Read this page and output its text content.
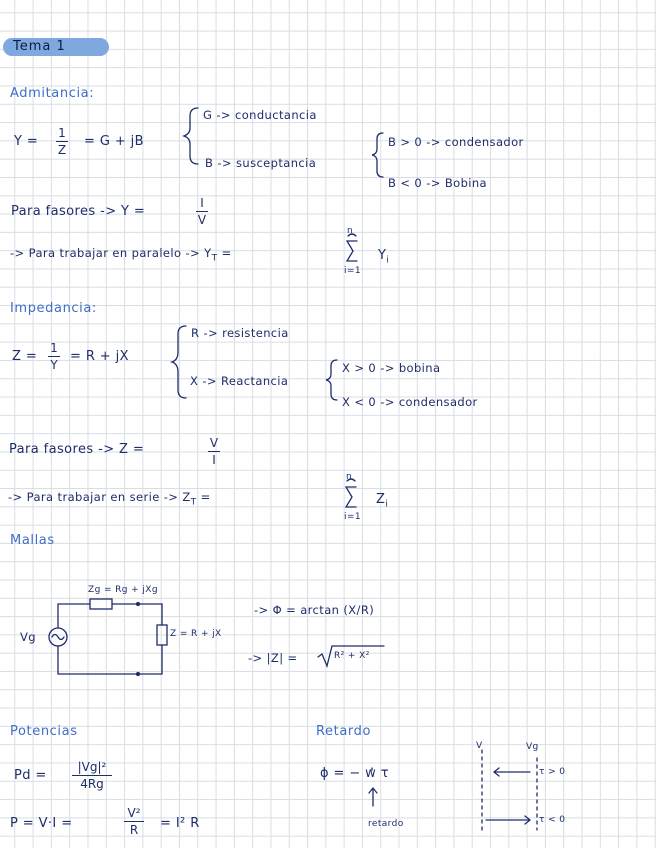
Tema 1
Admitancia:
Y =
1
Z
= G + jB
G -> conductancia
B -> susceptancia
B > 0 -> condensador
B < 0 -> Bobina
Para fasores -> Y =
I
V
-> Para trabajar en paralelo -> $Y_T$ =
n
i=1
$Y_i$
Impedancia:
Z =
1
Y
= R + jX
R -> resistencia
X -> Reactancia
X > 0 -> bobina
X < 0 -> condensador
Para fasores -> Z =	V
I
-> Para trabajar en serie -> $Z_T$ =
n
i=1
$Z_i$
Mallas
Zg = Rg + jXg
Z = R + jX
Vg
-> Φ = arctan (X/R)
-> |Z| =	R² + X²
Potencias
Pd =
|Vg|²
4Rg
P = V·I =
V²
R	= I² R
Retardo
ϕ = − w τ
retardo
V	Vg
τ > 0
τ < 0
